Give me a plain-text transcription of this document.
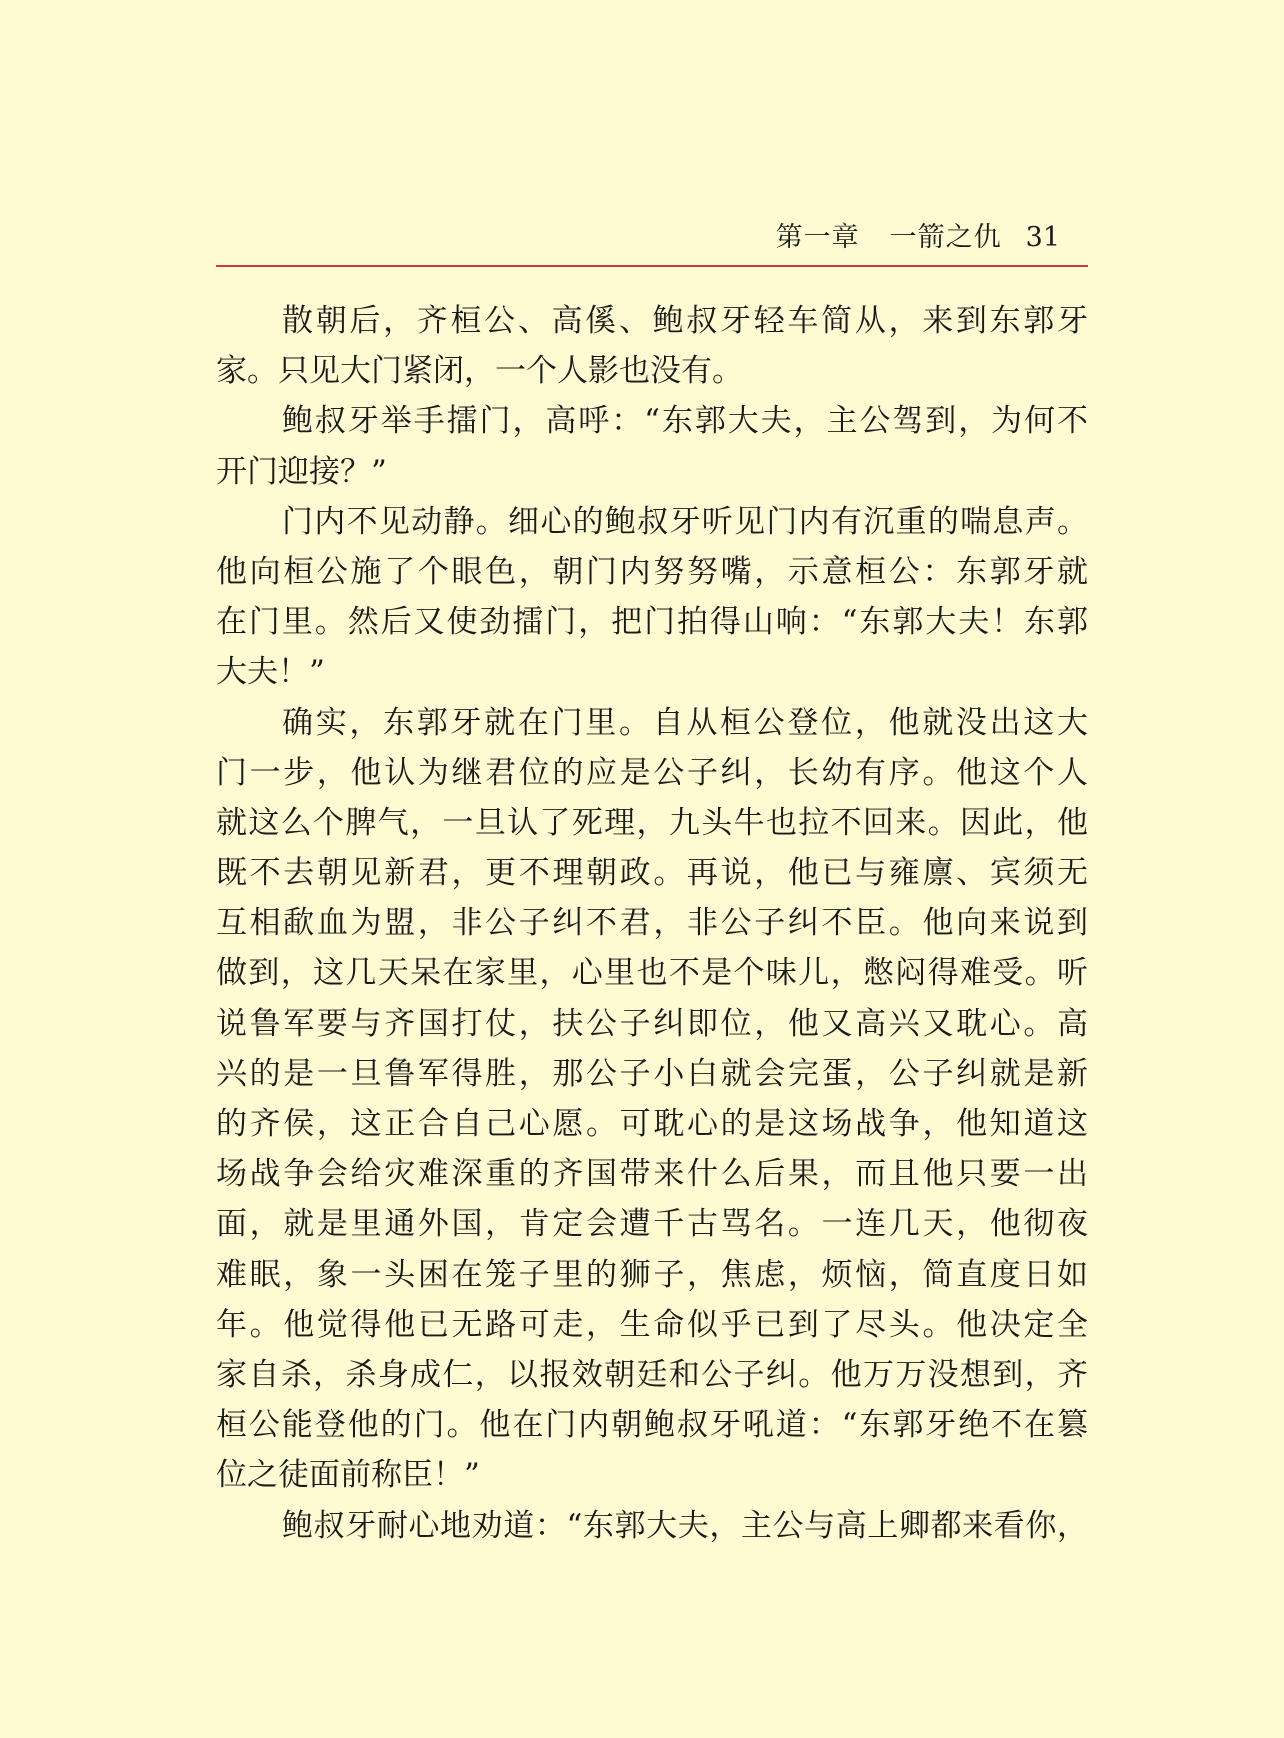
第一章 一箭之仇 31
散朝后，齐桓公、高傒、鲍叔牙轻车简从，来到东郭牙
家。只见大门紧闭，一个人影也没有。
鲍叔牙举手擂门，高呼：“东郭大夫，主公驾到，为何不
开门迎接？”
门内不见动静。细心的鲍叔牙听见门内有沉重的喘息声。
他向桓公施了个眼色，朝门内努努嘴，示意桓公：东郭牙就
在门里。然后又使劲擂门，把门拍得山响：“东郭大夫！东郭
大夫！”
确实，东郭牙就在门里。自从桓公登位，他就没出这大
门一步，他认为继君位的应是公子纠，长幼有序。他这个人
就这么个脾气，一旦认了死理，九头牛也拉不回来。因此，他
既不去朝见新君，更不理朝政。再说，他已与雍廪、宾须无
互相歃血为盟，非公子纠不君，非公子纠不臣。他向来说到
做到，这几天呆在家里，心里也不是个味儿，憋闷得难受。听
说鲁军要与齐国打仗，扶公子纠即位，他又高兴又耽心。高
兴的是一旦鲁军得胜，那公子小白就会完蛋，公子纠就是新
的齐侯，这正合自己心愿。可耽心的是这场战争，他知道这
场战争会给灾难深重的齐国带来什么后果，而且他只要一出
面，就是里通外国，肯定会遭千古骂名。一连几天，他彻夜
难眠，象一头困在笼子里的狮子，焦虑，烦恼，简直度日如
年。他觉得他已无路可走，生命似乎已到了尽头。他决定全
家自杀，杀身成仁，以报效朝廷和公子纠。他万万没想到，齐
桓公能登他的门。他在门内朝鲍叔牙吼道：“东郭牙绝不在篡
位之徒面前称臣！”
鲍叔牙耐心地劝道：“东郭大夫，主公与高上卿都来看你，
